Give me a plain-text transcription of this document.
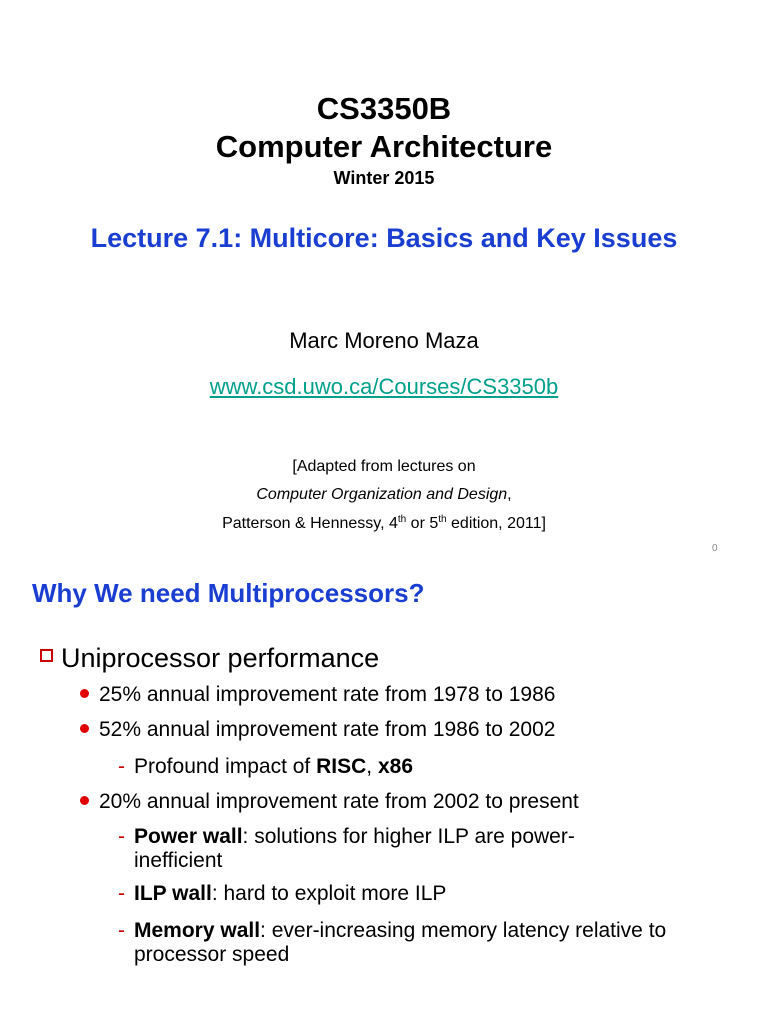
CS3350B
Computer Architecture
Winter 2015
Lecture 7.1: Multicore: Basics and Key Issues
Marc Moreno Maza
www.csd.uwo.ca/Courses/CS3350b
[Adapted from lectures on
Computer Organization and Design,
Patterson & Hennessy, 4th or 5th edition, 2011]
0
Why We need Multiprocessors?
Uniprocessor performance
25% annual improvement rate from 1978 to 1986
52% annual improvement rate from 1986 to 2002
- Profound impact of RISC, x86
20% annual improvement rate from 2002 to present
- Power wall: solutions for higher ILP are power-inefficient
- ILP wall: hard to exploit more ILP
- Memory wall: ever-increasing memory latency relative to processor speed
